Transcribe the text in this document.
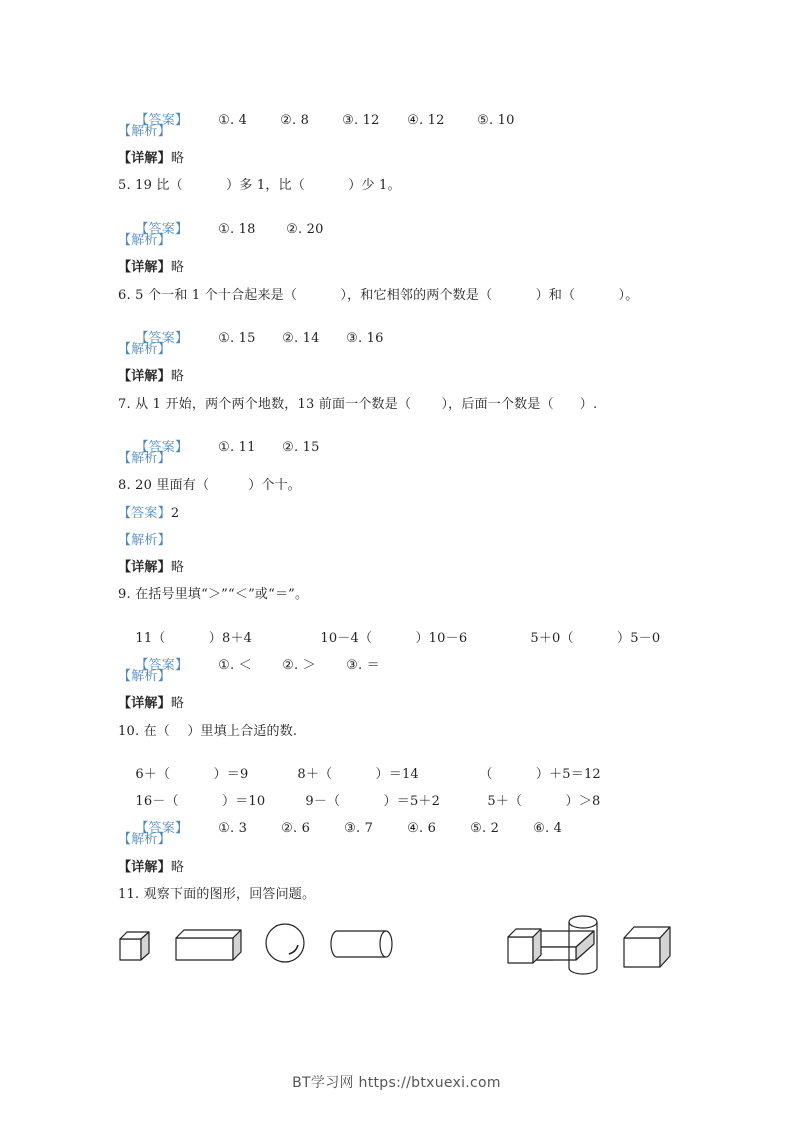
【答案】 ①. 4	②. 8	③. 12 ④. 12	⑤. 10

【解析】
【详解】略
5. 19 比（          ）多 1，比（          ）少 1。

【答案】 ①. 18 ②. 20

【解析】
【详解】略
6. 5 个一和 1 个十合起来是（          ），和它相邻的两个数是（          ）和（          ）。

【答案】 ①. 15 ②. 14 ③. 16

【解析】
【详解】略
7. 从 1 开始，两个两个地数，13 前面一个数是（       ），后面一个数是（      ）.

【答案】 ①. 11 ②. 15

【解析】
8. 20 里面有（         ）个十。
【答案】2
【解析】
【详解】略
9. 在括号里填“＞”“＜”或“＝”。

11（          ）8＋4	10－4（          ）10－6	5＋0（          ）5－0

【答案】 ①. ＜ ②. ＞ ③. ＝

【解析】
【详解】略
10. 在（    ）里填上合适的数.

6＋（          ）＝9	8＋（          ）＝14	（          ）＋5＝12

16－（          ）＝10	9－（          ）＝5＋2	5＋（          ）＞8

【答案】 ①. 3	②. 6	③. 7	④. 6	⑤. 2	⑥. 4

【解析】
【详解】略
11. 观察下面的图形，回答问题。
BT学习网 https://btxuexi.com
